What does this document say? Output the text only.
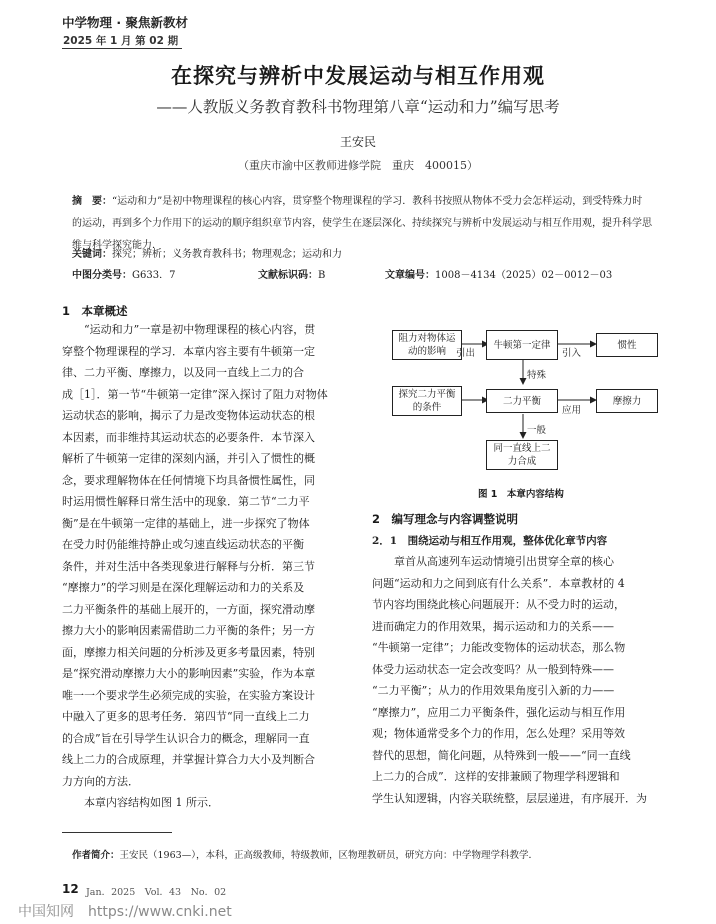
中学物理 · 聚焦新教材
2025 年 1 月 第 02 期
在探究与辨析中发展运动与相互作用观
——人教版义务教育教科书物理第八章“运动和力”编写思考
王安民
（重庆市渝中区教师进修学院　重庆　400015）
摘　要：“运动和力”是初中物理课程的核心内容，贯穿整个物理课程的学习．教科书按照从物体不受力会怎样运动，到受特殊力时的运动，再到多个力作用下的运动的顺序组织章节内容，使学生在逐层深化、持续探究与辨析中发展运动与相互作用观，提升科学思维与科学探究能力．
关键词：探究；辨析；义务教育教科书；物理观念；运动和力
中图分类号：G633．7	文献标识码：B	文章编号：1008－4134（2025）02－0012－03
1　本章概述
　　“运动和力”一章是初中物理课程的核心内容，贯
穿整个物理课程的学习．本章内容主要有牛顿第一定
律、二力平衡、摩擦力，以及同一直线上二力的合
成［1］．第一节“牛顿第一定律”深入探讨了阻力对物体
运动状态的影响，揭示了力是改变物体运动状态的根
本因素，而非维持其运动状态的必要条件．本节深入
解析了牛顿第一定律的深刻内涵，并引入了惯性的概
念，要求理解物体在任何情境下均具备惯性属性，同
时运用惯性解释日常生活中的现象．第二节“二力平
衡”是在牛顿第一定律的基础上，进一步探究了物体
在受力时仍能维持静止或匀速直线运动状态的平衡
条件，并对生活中各类现象进行解释与分析．第三节
“摩擦力”的学习则是在深化理解运动和力的关系及
二力平衡条件的基础上展开的，一方面，探究滑动摩
擦力大小的影响因素需借助二力平衡的条件；另一方
面，摩擦力相关问题的分析涉及更多考量因素，特别
是“探究滑动摩擦力大小的影响因素”实验，作为本章
唯一一个要求学生必须完成的实验，在实验方案设计
中融入了更多的思考任务．第四节“同一直线上二力
的合成”旨在引导学生认识合力的概念，理解同一直
线上二力的合成原理，并掌握计算合力大小及判断合
力方向的方法．
　　本章内容结构如图 1 所示．
阻力对物体运动的影响
牛顿第一定律	惯性
探究二力平衡的条件
二力平衡	摩擦力
同一直线上二力合成
引出	引入
特殊
应用
一般
图 1　本章内容结构
2　编写理念与内容调整说明
2．1　围绕运动与相互作用观，整体优化章节内容
　　章首从高速列车运动情境引出贯穿全章的核心
问题“运动和力之间到底有什么关系”．本章教材的 4
节内容均围绕此核心问题展开：从不受力时的运动，
进而确定力的作用效果，揭示运动和力的关系——
“牛顿第一定律”；力能改变物体的运动状态，那么物
体受力运动状态一定会改变吗？从一般到特殊——
“二力平衡”；从力的作用效果角度引入新的力——
“摩擦力”，应用二力平衡条件，强化运动与相互作用
观；物体通常受多个力的作用，怎么处理？采用等效
替代的思想，简化问题，从特殊到一般——“同一直线
上二力的合成”．这样的安排兼顾了物理学科逻辑和
学生认知逻辑，内容关联统整，层层递进，有序展开．为
作者简介：王安民（1963—），本科，正高级教师，特级教师，区物理教研员，研究方向：中学物理学科教学．
12 Jan．2025　Vol．43　No．02
中国知网　https://www.cnki.net
